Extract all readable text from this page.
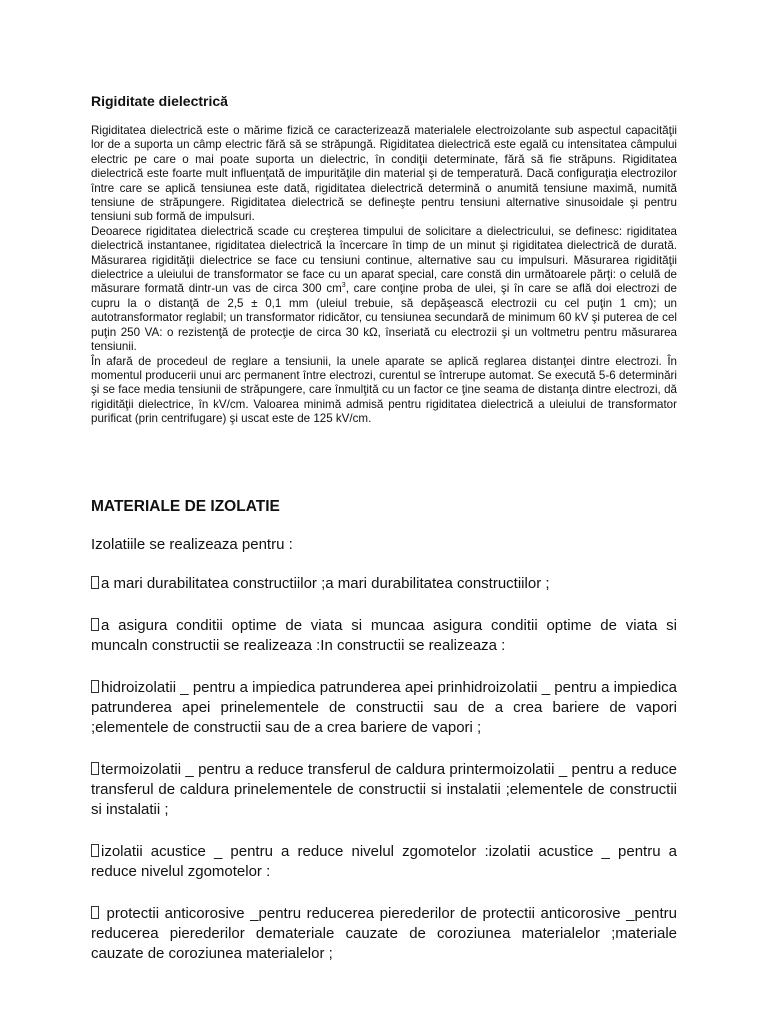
Rigiditate dielectrică

Rigiditatea dielectrică este o mărime fizică ce caracterizează materialele electroizolante sub aspectul capacităţii lor de a suporta un câmp electric fără să se străpungă. Rigiditatea dielectrică este egală cu intensitatea câmpului electric pe care o mai poate suporta un dielectric, în condiţii determinate, fără să fie străpuns. Rigiditatea dielectrică este foarte mult influenţată de impurităţile din material şi de temperatură. Dacă configuraţia electrozilor între care se aplică tensiunea este dată, rigiditatea dielectrică determină o anumită tensiune maximă, numită tensiune de străpungere. Rigiditatea dielectrică se defineşte pentru tensiuni alternative sinusoidale şi pentru tensiuni sub formă de impulsuri.

Deoarece rigiditatea dielectrică scade cu creşterea timpului de solicitare a dielectricului, se definesc: rigiditatea dielectrică instantanee, rigiditatea dielectrică la încercare în timp de un minut şi rigiditatea dielectrică de durată. Măsurarea rigidităţii dielectrice se face cu tensiuni continue, alternative sau cu impulsuri. Măsurarea rigidităţii dielectrice a uleiului de transformator se face cu un aparat special, care constă din următoarele părţi: o celulă de măsurare formată dintr-un vas de circa 300 $cm^3$, care conţine proba de ulei, şi în care se află doi electrozi de cupru la o distanţă de 2,5 ± 0,1 mm (uleiul trebuie, să depăşească electrozii cu cel puţin 1 cm); un autotransformator reglabil; un transformator ridicător, cu tensiunea secundară de minimum 60 kV şi puterea de cel puţin 250 VA: o rezistenţă de protecţie de circa 30 kΩ, înseriată cu electrozii şi un voltmetru pentru măsurarea tensiunii.

În afară de procedeul de reglare a tensiunii, la unele aparate se aplică reglarea distanţei dintre electrozi. În momentul producerii unui arc permanent între electrozi, curentul se întrerupe automat. Se execută 5-6 determinări şi se face media tensiunii de străpungere, care înmulţită cu un factor ce ţine seama de distanţa dintre electrozi, dă rigidităţii dielectrice, în kV/cm. Valoarea minimă admisă pentru rigiditatea dielectrică a uleiului de transformator purificat (prin centrifugare) şi uscat este de 125 kV/cm.

MATERIALE DE IZOLATIE

Izolatiile se realizeaza pentru :

a mari durabilitatea constructiilor ;a mari durabilitatea constructiilor ;

a asigura conditii optime de viata si muncaa asigura conditii optime de viata si muncaln constructii se realizeaza :In constructii se realizeaza :

hidroizolatii _ pentru a impiedica patrunderea apei prinhidroizolatii _ pentru a impiedica patrunderea apei prinelementele de constructii sau de a crea bariere de vapori ;elementele de constructii sau de a crea bariere de vapori ;

termoizolatii _ pentru a reduce transferul de caldura printermoizolatii _ pentru a reduce transferul de caldura prinelementele de constructii si instalatii ;elementele de constructii si instalatii ;

izolatii acustice _ pentru a reduce nivelul zgomotelor :izolatii acustice _ pentru a reduce nivelul zgomotelor :

protectii anticorosive _pentru reducerea pierederilor de protectii anticorosive _pentru reducerea pierederilor demateriale cauzate de coroziunea materialelor ;materiale cauzate de coroziunea materialelor ;
